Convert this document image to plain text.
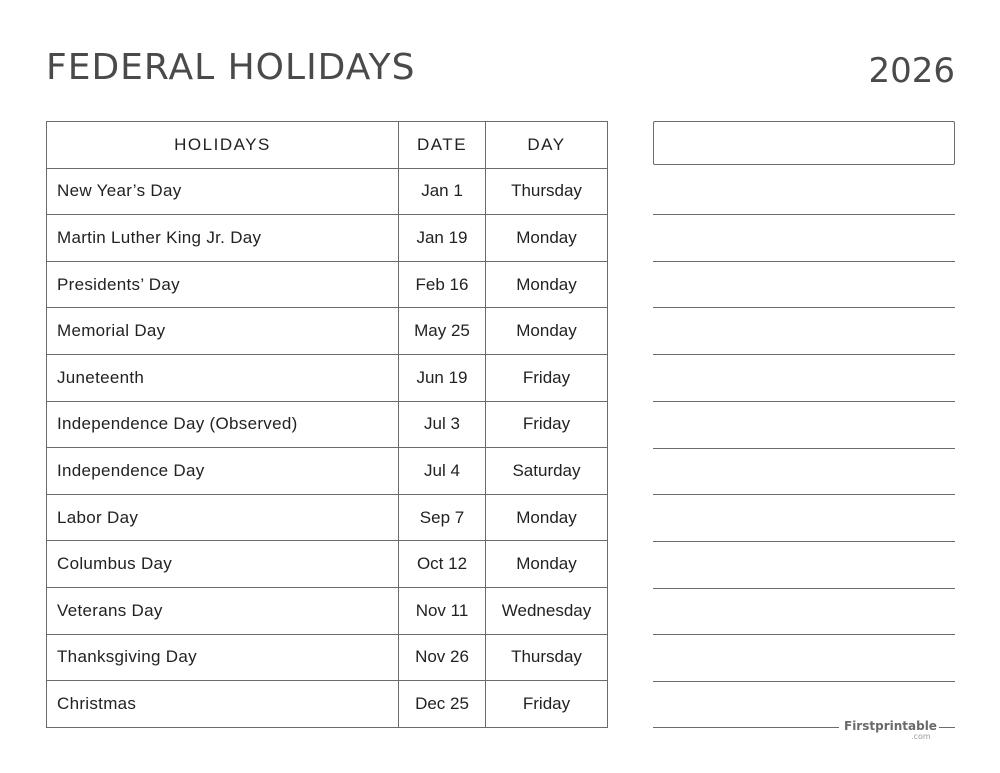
FEDERAL HOLIDAYS	2026
HOLIDAYS	DATE	DAY
New Year’s Day	Jan 1	Thursday
Martin Luther King Jr. Day	Jan 19	Monday
Presidents’ Day	Feb 16	Monday
Memorial Day	May 25	Monday
Juneteenth	Jun 19	Friday
Independence Day (Observed)	Jul 3	Friday
Independence Day	Jul 4	Saturday
Labor Day	Sep 7	Monday
Columbus Day	Oct 12	Monday
Veterans Day	Nov 11	Wednesday
Thanksgiving Day	Nov 26	Thursday
Christmas	Dec 25	Friday
Firstprintable
.com
